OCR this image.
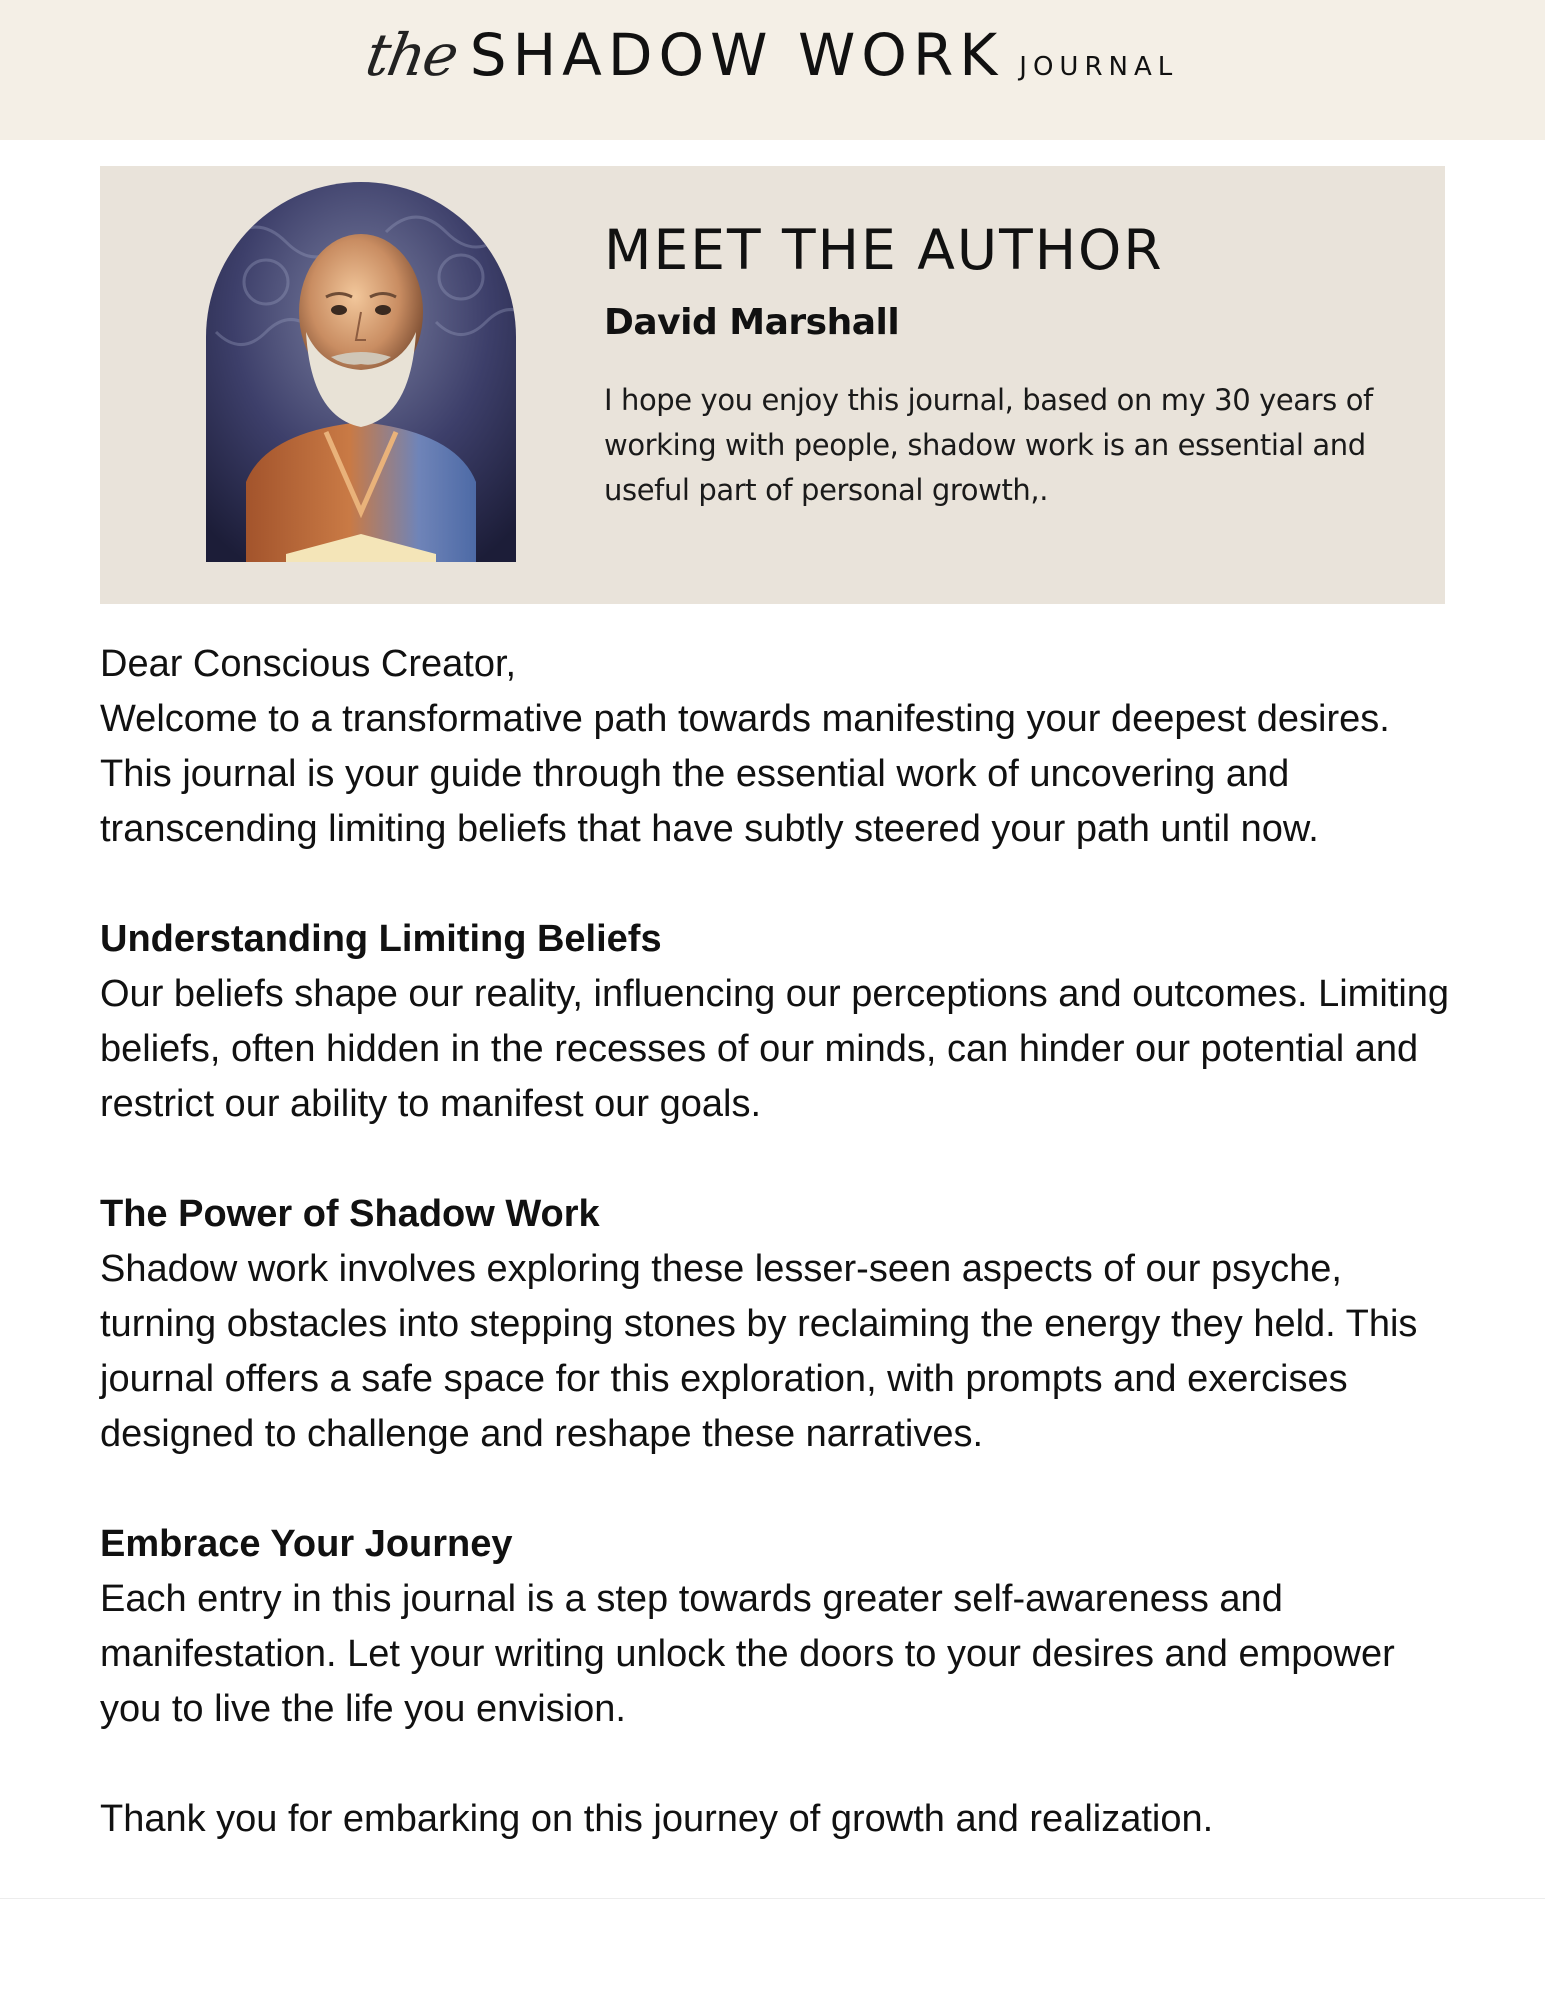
the SHADOW WORK JOURNAL
MEET THE AUTHOR
David Marshall
I hope you enjoy this journal, based on my 30 years of working with people, shadow work is an essential and useful part of personal growth,.

Dear Conscious Creator,

Welcome to a transformative path towards manifesting your deepest desires. This journal is your guide through the essential work of uncovering and transcending limiting beliefs that have subtly steered your path until now.

Understanding Limiting Beliefs

Our beliefs shape our reality, influencing our perceptions and outcomes. Limiting beliefs, often hidden in the recesses of our minds, can hinder our potential and restrict our ability to manifest our goals.

The Power of Shadow Work

Shadow work involves exploring these lesser-seen aspects of our psyche, turning obstacles into stepping stones by reclaiming the energy they held. This journal offers a safe space for this exploration, with prompts and exercises designed to challenge and reshape these narratives.

Embrace Your Journey

Each entry in this journal is a step towards greater self-awareness and manifestation. Let your writing unlock the doors to your desires and empower you to live the life you envision.

Thank you for embarking on this journey of growth and realization.
